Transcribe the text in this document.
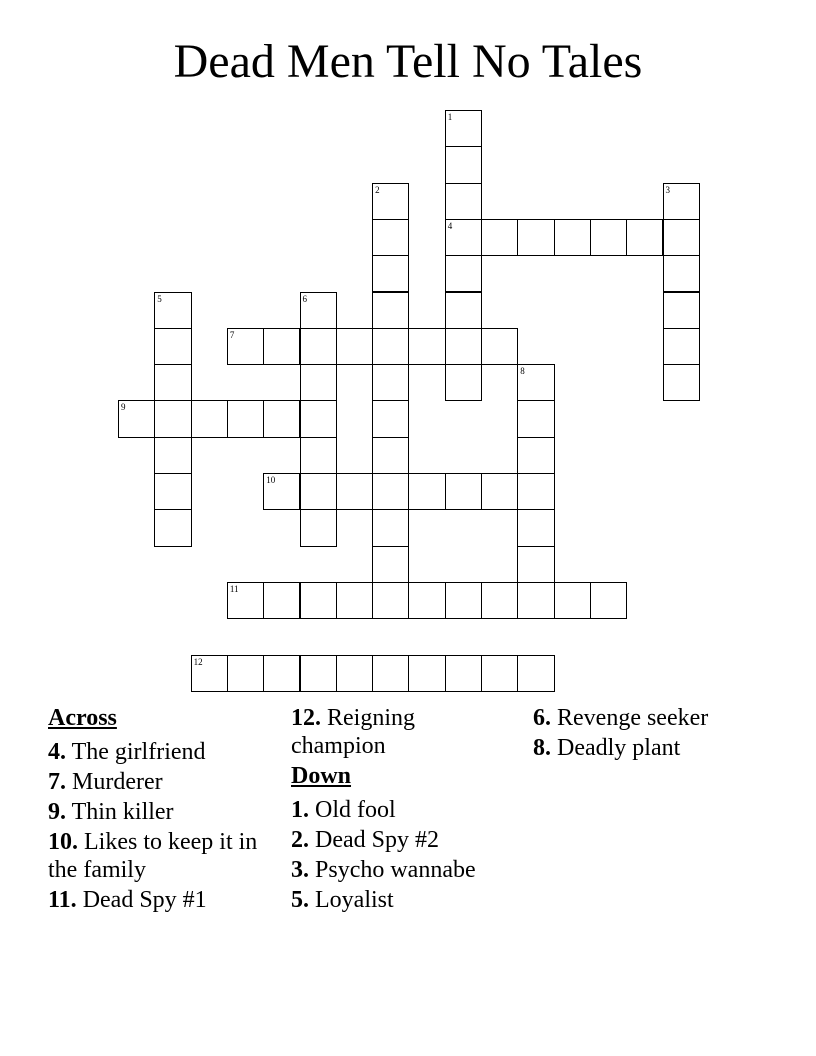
Dead Men Tell No Tales
1
4
2	3
5	6
7
8
9
10
11
12
Across
4. The girlfriend
7. Murderer
9. Thin killer
10. Likes to keep it in the family
11. Dead Spy #1
12. Reigning champion
Down
1. Old fool
2. Dead Spy #2
3. Psycho wannabe
5. Loyalist
6. Revenge seeker
8. Deadly plant
